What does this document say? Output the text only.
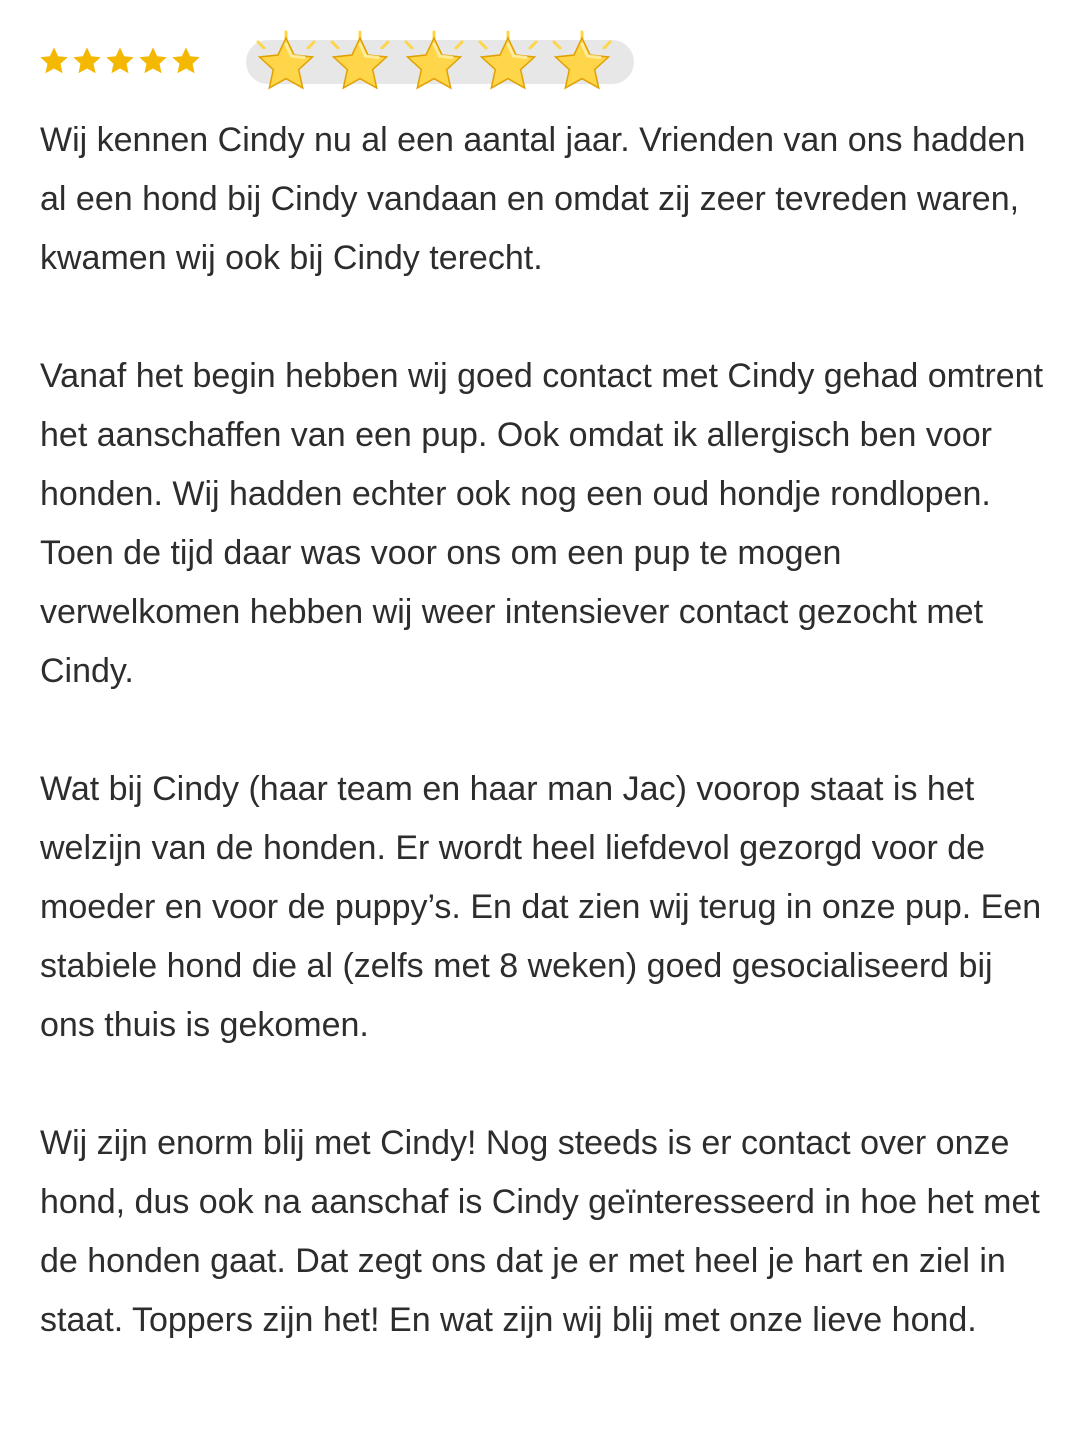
Wij kennen Cindy nu al een aantal jaar. Vrienden van ons hadden al een hond bij Cindy vandaan en omdat zij zeer tevreden waren, kwamen wij ook bij Cindy terecht.

Vanaf het begin hebben wij goed contact met Cindy gehad omtrent het aanschaffen van een pup. Ook omdat ik allergisch ben voor honden. Wij hadden echter ook nog een oud hondje rondlopen. Toen de tijd daar was voor ons om een pup te mogen verwelkomen hebben wij weer intensiever contact gezocht met Cindy.

Wat bij Cindy (haar team en haar man Jac) voorop staat is het welzijn van de honden. Er wordt heel liefdevol gezorgd voor de moeder en voor de puppy’s. En dat zien wij terug in onze pup. Een stabiele hond die al (zelfs met 8 weken) goed gesocialiseerd bij ons thuis is gekomen.

Wij zijn enorm blij met Cindy! Nog steeds is er contact over onze hond, dus ook na aanschaf is Cindy geïnteresseerd in hoe het met de honden gaat. Dat zegt ons dat je er met heel je hart en ziel in staat. Toppers zijn het! En wat zijn wij blij met onze lieve hond.
